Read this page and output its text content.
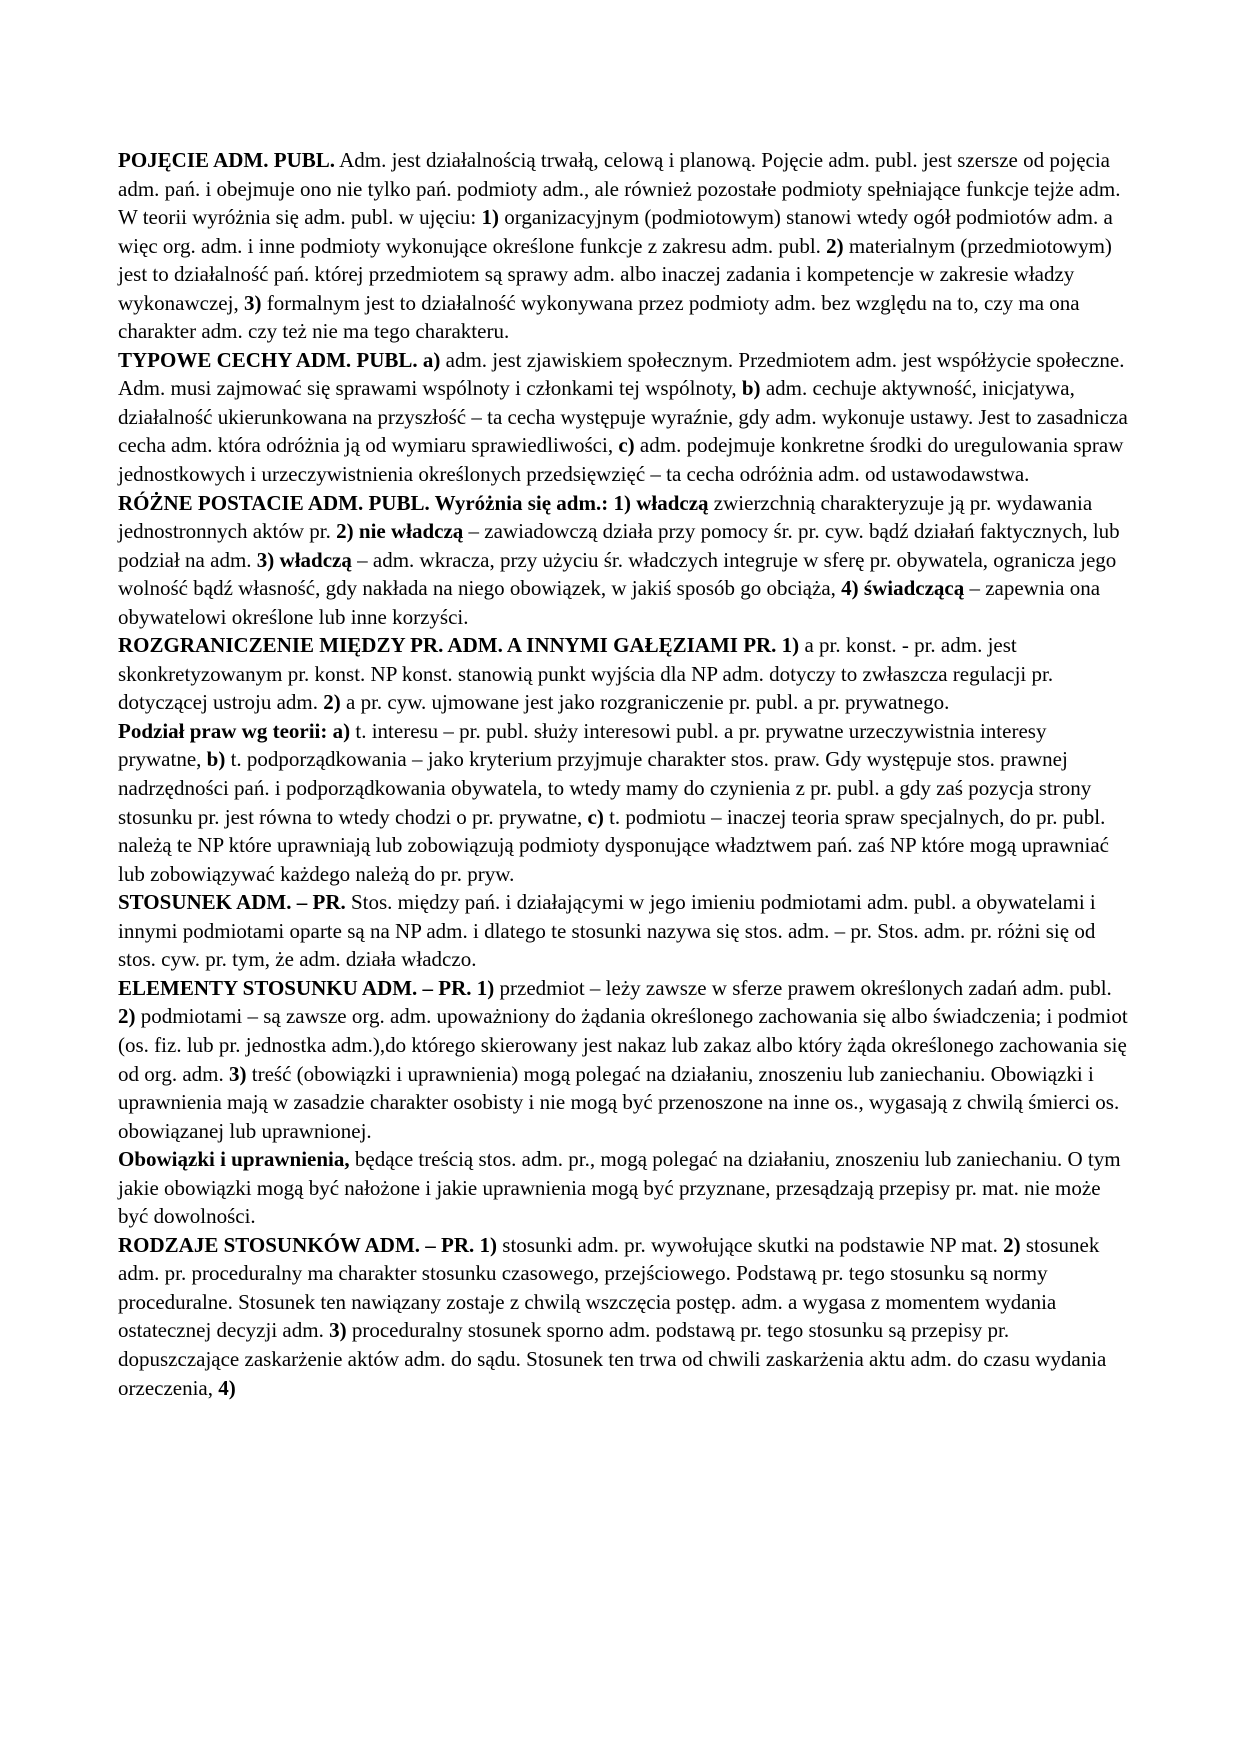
POJĘCIE ADM. PUBL. Adm. jest działalnością trwałą, celową i planową. Pojęcie adm. publ. jest szersze od pojęcia adm. pań. i obejmuje ono nie tylko pań. podmioty adm., ale również pozostałe podmioty spełniające funkcje tejże adm. W teorii wyróżnia się adm. publ. w ujęciu: 1) organizacyjnym (podmiotowym) stanowi wtedy ogół podmiotów adm. a więc org. adm. i inne podmioty wykonujące określone funkcje z zakresu adm. publ. 2) materialnym (przedmiotowym) jest to działalność pań. której przedmiotem są sprawy adm. albo inaczej zadania i kompetencje w zakresie władzy wykonawczej, 3) formalnym jest to działalność wykonywana przez podmioty adm. bez względu na to, czy ma ona charakter adm. czy też nie ma tego charakteru.

TYPOWE CECHY ADM. PUBL. a) adm. jest zjawiskiem społecznym. Przedmiotem adm. jest współżycie społeczne. Adm. musi zajmować się sprawami wspólnoty i członkami tej wspólnoty, b) adm. cechuje aktywność, inicjatywa, działalność ukierunkowana na przyszłość – ta cecha występuje wyraźnie, gdy adm. wykonuje ustawy. Jest to zasadnicza cecha adm. która odróżnia ją od wymiaru sprawiedliwości, c) adm. podejmuje konkretne środki do uregulowania spraw jednostkowych i urzeczywistnienia określonych przedsięwzięć – ta cecha odróżnia adm. od ustawodawstwa.

RÓŻNE POSTACIE ADM. PUBL. Wyróżnia się adm.: 1) władczą zwierzchnią charakteryzuje ją pr. wydawania jednostronnych aktów pr. 2) nie władczą – zawiadowczą działa przy pomocy śr. pr. cyw. bądź działań faktycznych, lub podział na adm. 3) władczą – adm. wkracza, przy użyciu śr. władczych integruje w sferę pr. obywatela, ogranicza jego wolność bądź własność, gdy nakłada na niego obowiązek, w jakiś sposób go obciąża, 4) świadczącą – zapewnia ona obywatelowi określone lub inne korzyści.

ROZGRANICZENIE MIĘDZY PR. ADM. A INNYMI GAŁĘZIAMI PR. 1) a pr. konst. - pr. adm. jest skonkretyzowanym pr. konst. NP konst. stanowią punkt wyjścia dla NP adm. dotyczy to zwłaszcza regulacji pr. dotyczącej ustroju adm. 2) a pr. cyw. ujmowane jest jako rozgraniczenie pr. publ. a pr. prywatnego.

Podział praw wg teorii: a) t. interesu – pr. publ. służy interesowi publ. a pr. prywatne urzeczywistnia interesy prywatne, b) t. podporządkowania – jako kryterium przyjmuje charakter stos. praw. Gdy występuje stos. prawnej nadrzędności pań. i podporządkowania obywatela, to wtedy mamy do czynienia z pr. publ. a gdy zaś pozycja strony stosunku pr. jest równa to wtedy chodzi o pr. prywatne, c) t. podmiotu – inaczej teoria spraw specjalnych, do pr. publ. należą te NP które uprawniają lub zobowiązują podmioty dysponujące władztwem pań. zaś NP które mogą uprawniać lub zobowiązywać każdego należą do pr. pryw.

STOSUNEK ADM. – PR. Stos. między pań. i działającymi w jego imieniu podmiotami adm. publ. a obywatelami i innymi podmiotami oparte są na NP adm. i dlatego te stosunki nazywa się stos. adm. – pr. Stos. adm. pr. różni się od stos. cyw. pr. tym, że adm. działa władczo.

ELEMENTY STOSUNKU ADM. – PR. 1) przedmiot – leży zawsze w sferze prawem określonych zadań adm. publ. 2) podmiotami – są zawsze org. adm. upoważniony do żądania określonego zachowania się albo świadczenia; i podmiot (os. fiz. lub pr. jednostka adm.),do którego skierowany jest nakaz lub zakaz albo który żąda określonego zachowania się od org. adm. 3) treść (obowiązki i uprawnienia) mogą polegać na działaniu, znoszeniu lub zaniechaniu. Obowiązki i uprawnienia mają w zasadzie charakter osobisty i nie mogą być przenoszone na inne os., wygasają z chwilą śmierci os. obowiązanej lub uprawnionej.

Obowiązki i uprawnienia, będące treścią stos. adm. pr., mogą polegać na działaniu, znoszeniu lub zaniechaniu. O tym jakie obowiązki mogą być nałożone i jakie uprawnienia mogą być przyznane, przesądzają przepisy pr. mat. nie może być dowolności.

RODZAJE STOSUNKÓW ADM. – PR. 1) stosunki adm. pr. wywołujące skutki na podstawie NP mat. 2) stosunek adm. pr. proceduralny ma charakter stosunku czasowego, przejściowego. Podstawą pr. tego stosunku są normy proceduralne. Stosunek ten nawiązany zostaje z chwilą wszczęcia postęp. adm. a wygasa z momentem wydania ostatecznej decyzji adm. 3) proceduralny stosunek sporno adm. podstawą pr. tego stosunku są przepisy pr. dopuszczające zaskarżenie aktów adm. do sądu. Stosunek ten trwa od chwili zaskarżenia aktu adm. do czasu wydania orzeczenia, 4)
